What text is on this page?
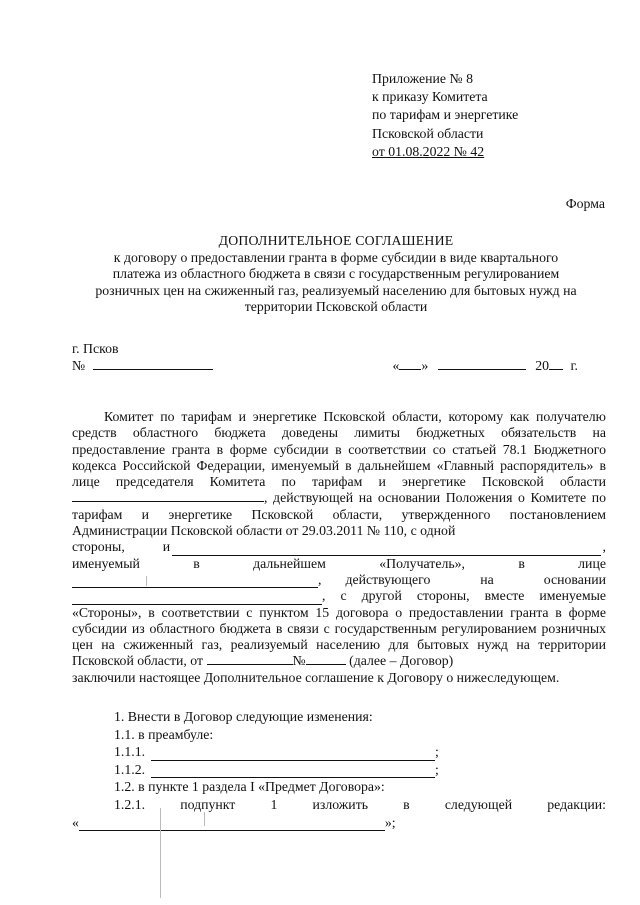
Приложение № 8
к приказу Комитета
по тарифам и энергетике
Псковской области
от 01.08.2022 № 42
Форма
ДОПОЛНИТЕЛЬНОЕ СОГЛАШЕНИЕ
к договору о предоставлении гранта в форме субсидии в виде квартального
платежа из областного бюджета в связи с государственным регулированием
розничных цен на сжиженный газ, реализуемый населению для бытовых нужд на
территории Псковской области
г. Псков
№	« »	20 г.

Комитет по тарифам и энергетике Псковской области, которому как получателю средств областного бюджета доведены лимиты бюджетных обязательств на предоставление гранта в форме субсидии в соответствии со статьей 78.1 Бюджетного кодекса Российской Федерации, именуемый в дальнейшем «Главный распорядитель» в лице председателя Комитета по тарифам и энергетике Псковской области , действующей на основании Положения о Комитете по тарифам и энергетике Псковской области, утвержденного постановлением Администрации Псковской области от 29.03.2011 № 110, с одной

стороны,	и	,
именуемый	в	дальнейшем	«Получатель»,	в	лице
, действующего	на	основании
, с другой стороны, вместе именуемые

«Стороны», в соответствии с пунктом 15 договора о предоставлении гранта в форме субсидии из областного бюджета в связи с государственным регулированием розничных цен на сжиженный газ, реализуемый населению для бытовых нужд на территории Псковской области, от	№	(далее – Договор)

заключили настоящее Дополнительное соглашение к Договору о нижеследующем.
1. Внести в Договор следующие изменения:
1.1. в преамбуле:
1.1.1.	;
1.1.2.	;
1.2. в пункте 1 раздела I «Предмет Договора»:
1.2.1.	подпункт	1	изложить	в	следующей	редакции:
«	»;
